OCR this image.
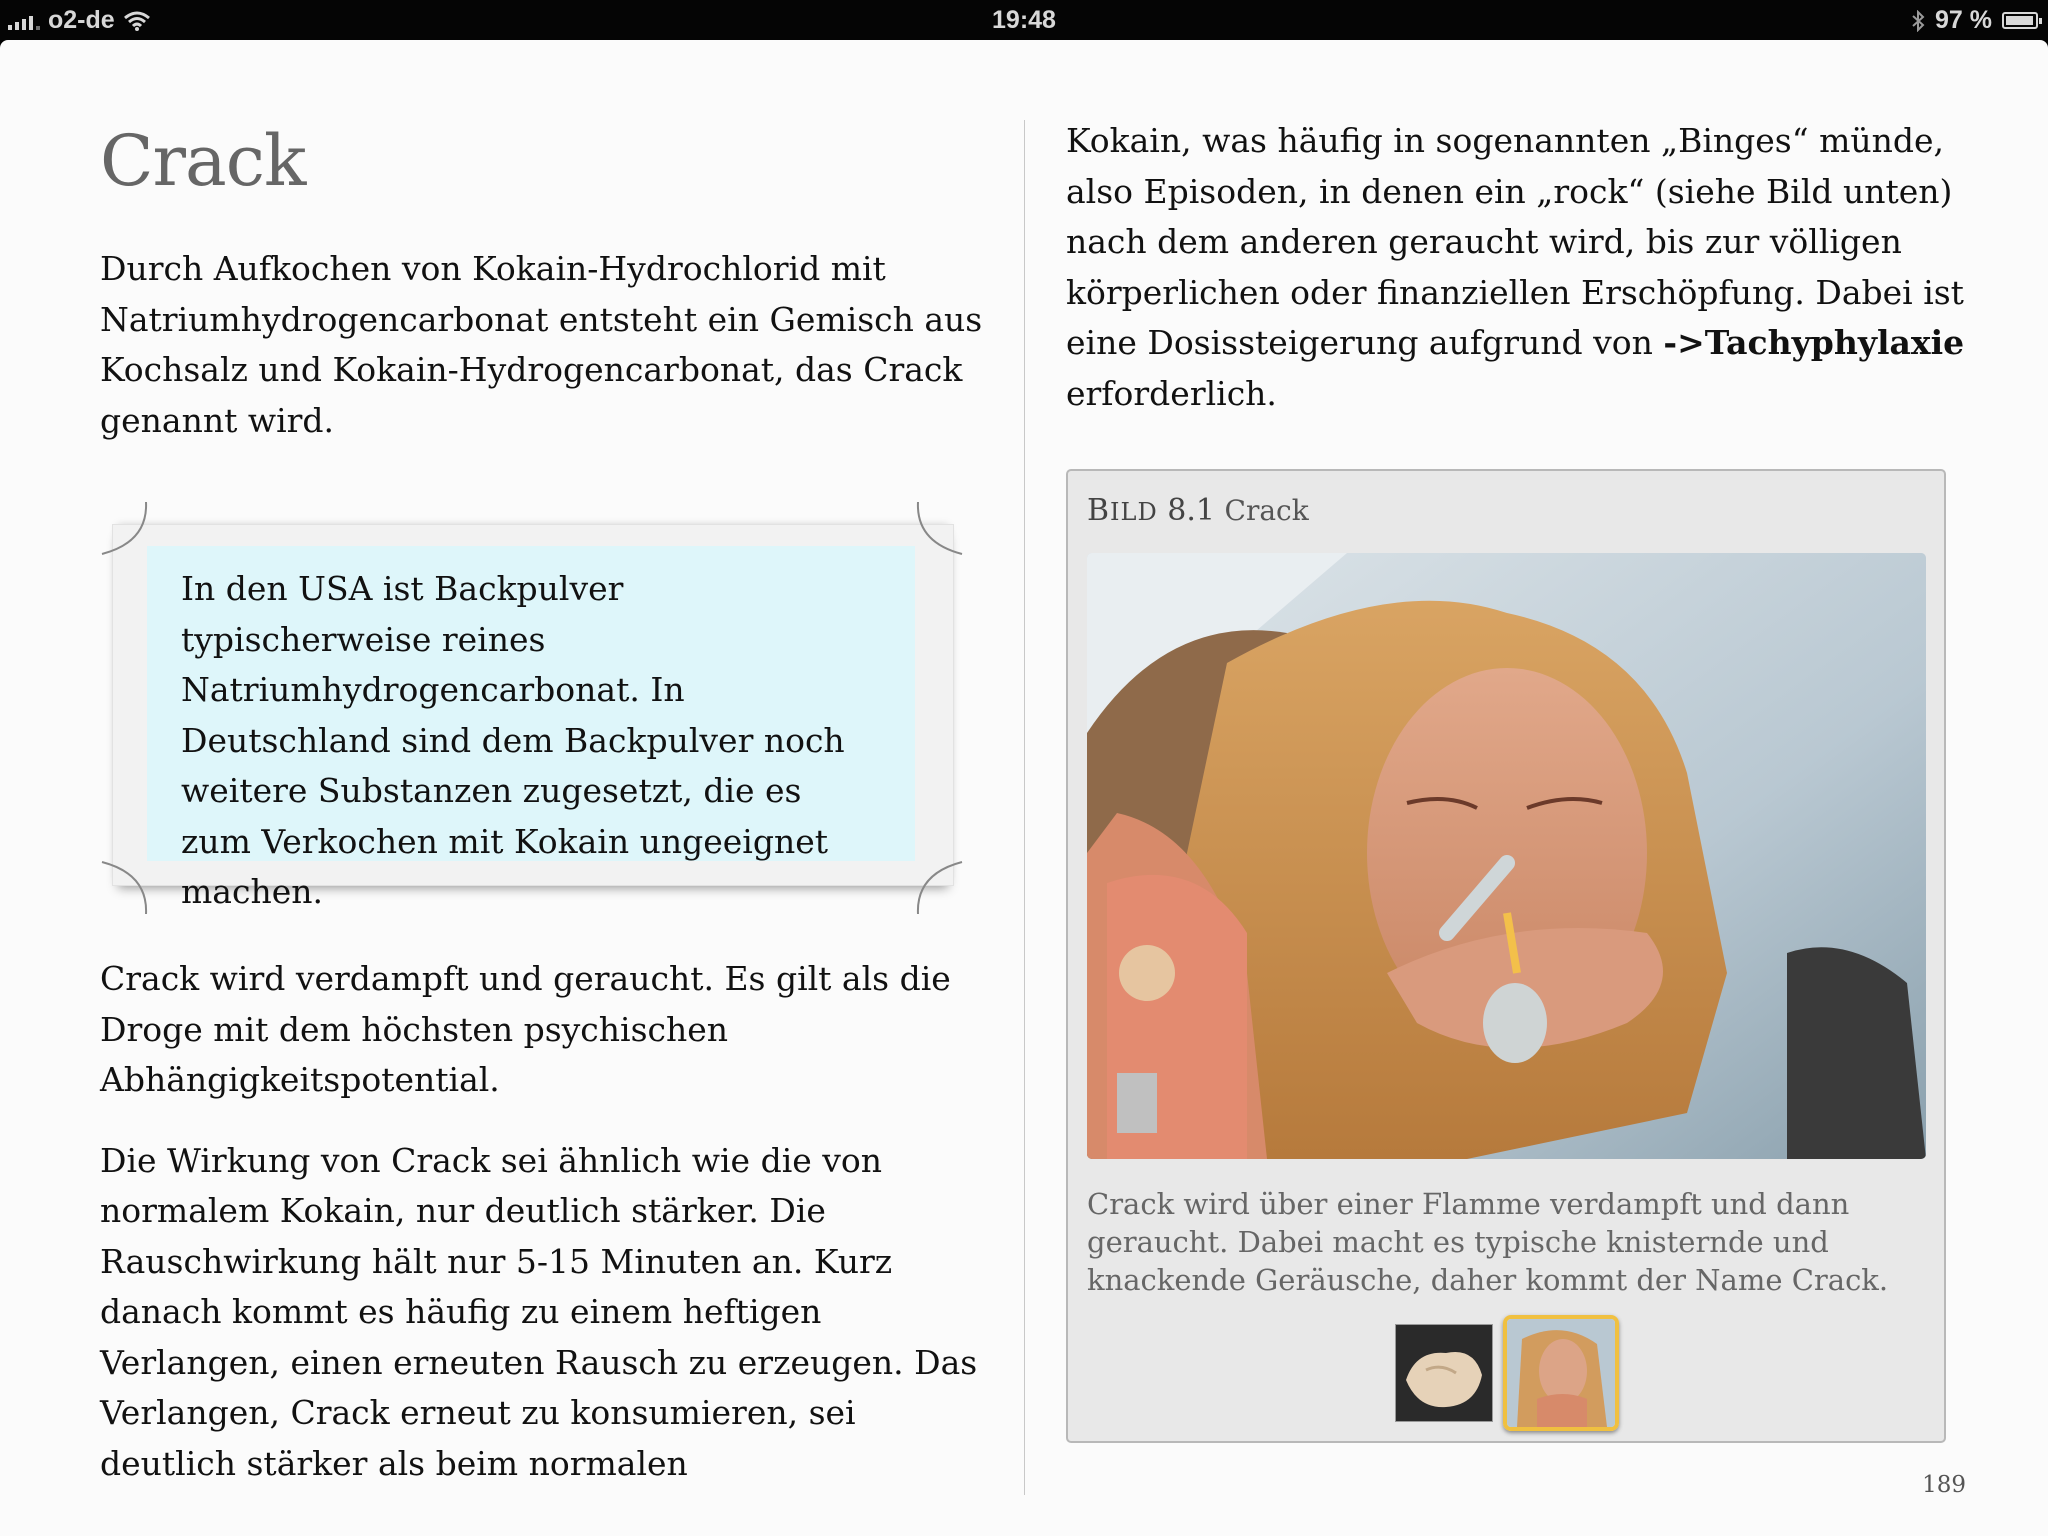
o2-de	19:48	97 %
Crack

Durch Aufkochen von Kokain-Hydrochlorid mit Natriumhydrogencarbonat entsteht ein Gemisch aus Kochsalz und Kokain-Hydrogencarbonat, das Crack genannt wird.

In den USA ist Backpulver typischerweise reines Natriumhydrogencarbonat. In Deutschland sind dem Backpulver noch weitere Substanzen zugesetzt, die es zum Verkochen mit Kokain ungeeignet machen.

Crack wird verdampft und geraucht. Es gilt als die Droge mit dem höchsten psychischen Abhängigkeitspotential.

Die Wirkung von Crack sei ähnlich wie die von normalem Kokain, nur deutlich stärker. Die Rauschwirkung hält nur 5-15 Minuten an. Kurz danach kommt es häufig zu einem heftigen Verlangen, einen erneuten Rausch zu erzeugen. Das Verlangen, Crack erneut zu konsumieren, sei deutlich stärker als beim normalen

Kokain, was häufig in sogenannten „Binges“ münde, also Episoden, in denen ein „rock“ (siehe Bild unten) nach dem anderen geraucht wird, bis zur völligen körperlichen oder finanziellen Erschöpfung. Dabei ist eine Dosissteigerung aufgrund von ->Tachyphylaxie erforderlich.

BILD 8.1 Crack

Crack wird über einer Flamme verdampft und dann geraucht. Dabei macht es typische knisternde und knackende Geräusche, daher kommt der Name Crack.

189
